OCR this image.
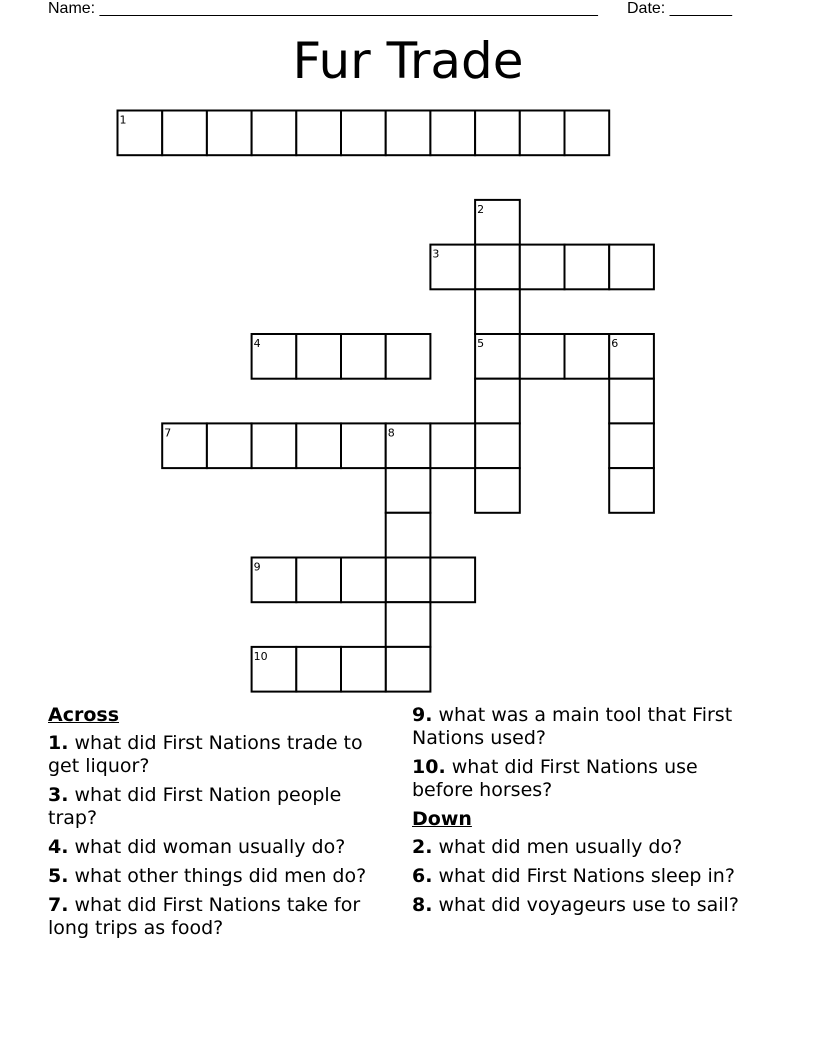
Name: ________________________________________________________ Date: _______
Fur Trade
1
2
3
4	5	6
7	8
9
10
Across
1. what did First Nations trade to get liquor?
3. what did First Nation people trap?
4. what did woman usually do?
5. what other things did men do?
7. what did First Nations take for long trips as food?
9. what was a main tool that First Nations used?
10. what did First Nations use before horses?
Down
2. what did men usually do?
6. what did First Nations sleep in?
8. what did voyageurs use to sail?
